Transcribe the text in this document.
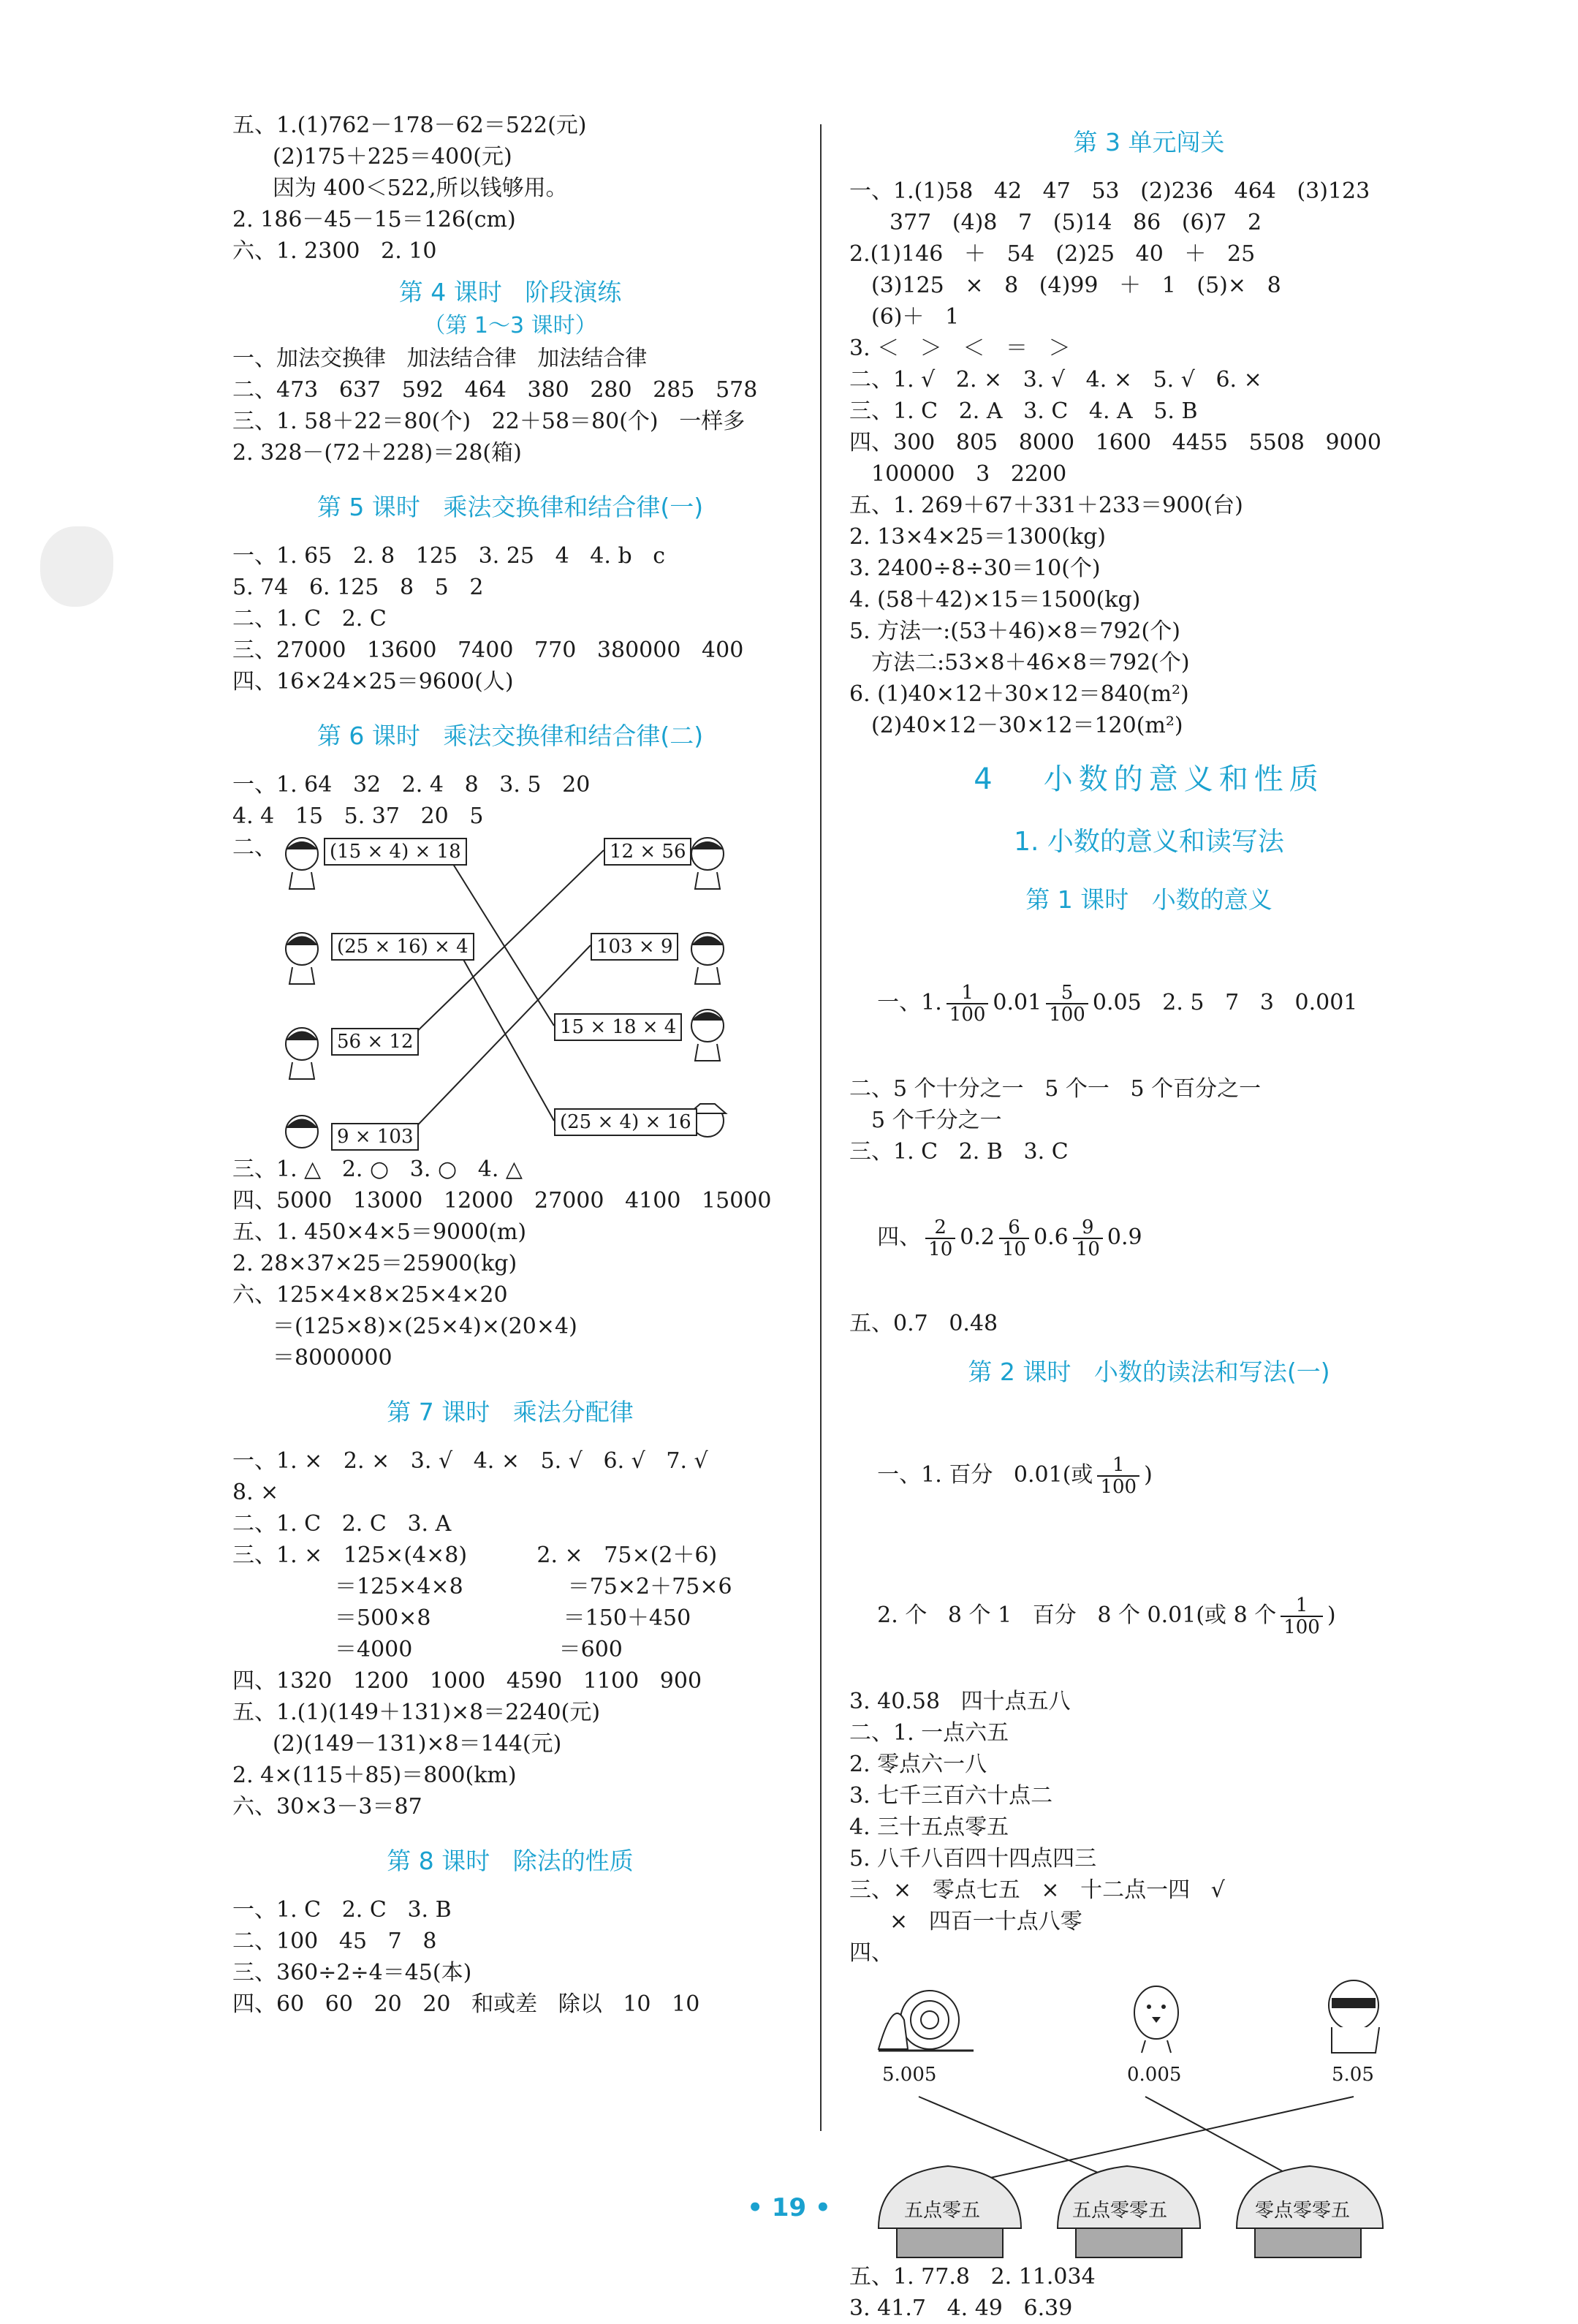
五、1.(1)762－178－62＝522(元)
(2)175＋225＝400(元)
因为 400＜522,所以钱够用。
2. 186－45－15＝126(cm)
六、1. 2300   2. 10
第 4 课时   阶段演练
（第 1～3 课时）
一、加法交换律   加法结合律   加法结合律
二、473   637   592   464   380   280   285   578
三、1. 58＋22＝80(个)   22＋58＝80(个)   一样多
2. 328－(72＋228)＝28(箱)
第 5 课时   乘法交换律和结合律(一)
一、1. 65   2. 8   125   3. 25   4   4. b   c
5. 74   6. 125   8   5   2
二、1. C   2. C
三、27000   13600   7400   770   380000   400
四、16×24×25＝9600(人)
第 6 课时   乘法交换律和结合律(二)
一、1. 64   32   2. 4   8   3. 5   20
4. 4   15   5. 37   20   5
二、	(15 × 4) × 18
(25 × 16) × 4
56 × 12
9 × 103
12 × 56
103 × 9
15 × 18 × 4
(25 × 4) × 16
三、1. △   2. ○   3. ○   4. △
四、5000   13000   12000   27000   4100   15000
五、1. 450×4×5＝9000(m)
2. 28×37×25＝25900(kg)
六、125×4×8×25×4×20
＝(125×8)×(25×4)×(20×4)
＝8000000
第 7 课时   乘法分配律
一、1. ×   2. ×   3. √   4. ×   5. √   6. √   7. √
8. ×
二、1. C   2. C   3. A
三、1. ×   125×(4×8)          2. ×   75×(2＋6)
＝125×4×8               ＝75×2＋75×6
＝500×8                   ＝150＋450
＝4000                     ＝600
四、1320   1200   1000   4590   1100   900
五、1.(1)(149＋131)×8＝2240(元)
(2)(149－131)×8＝144(元)
2. 4×(115＋85)＝800(km)
六、30×3－3＝87
第 8 课时   除法的性质
一、1. C   2. C   3. B
二、100   45   7   8
三、360÷2÷4＝45(本)
四、60   60   20   20   和或差   除以   10   10
第 3 单元闯关
一、1.(1)58   42   47   53   (2)236   464   (3)123
377   (4)8   7   (5)14   86   (6)7   2
2.(1)146   ＋   54   (2)25   40   ＋   25
(3)125   ×   8   (4)99   ＋   1   (5)×   8
(6)＋   1
3. ＜   ＞   ＜   ＝   ＞
二、1. √   2. ×   3. √   4. ×   5. √   6. ×
三、1. C   2. A   3. C   4. A   5. B
四、300   805   8000   1600   4455   5508   9000
100000   3   2200
五、1. 269＋67＋331＋233＝900(台)
2. 13×4×25＝1300(kg)
3. 2400÷8÷30＝10(个)
4. (58＋42)×15＝1500(kg)
5. 方法一:(53＋46)×8＝792(个)
方法二:53×8＋46×8＝792(个)
6. (1)40×12＋30×12＝840(m²)
(2)40×12－30×12＝120(m²)
4   小数的意义和性质
1. 小数的意义和读写法
第 1 课时   小数的意义

一、1. $\frac{1}{100} 0.01 \frac{5}{100} 0.05$   2. 5   7   3   0.001

二、5 个十分之一   5 个一   5 个百分之一
5 个千分之一
三、1. C   2. B   3. C

四、 $\frac{2}{10} 0.2 \frac{6}{10} 0.6 \frac{9}{10} 0.9$

五、0.7   0.48
第 2 课时   小数的读法和写法(一)

一、1. 百分   0.01(或 $\frac{1}{100}$ )

2. 个   8 个 1   百分   8 个 0.01(或 8 个 $\frac{1}{100}$ )

3. 40.58   四十点五八
二、1. 一点六五
2. 零点六一八
3. 七千三百六十点二
4. 三十五点零五
5. 八千八百四十四点四三
三、×   零点七五   ×   十二点一四   √
×   四百一十点八零
四、
5.005	0.005	5.05
五点零五	五点零零五	零点零零五
五、1. 77.8   2. 11.034
3. 41.7   4. 49   6.39
• 19 •
